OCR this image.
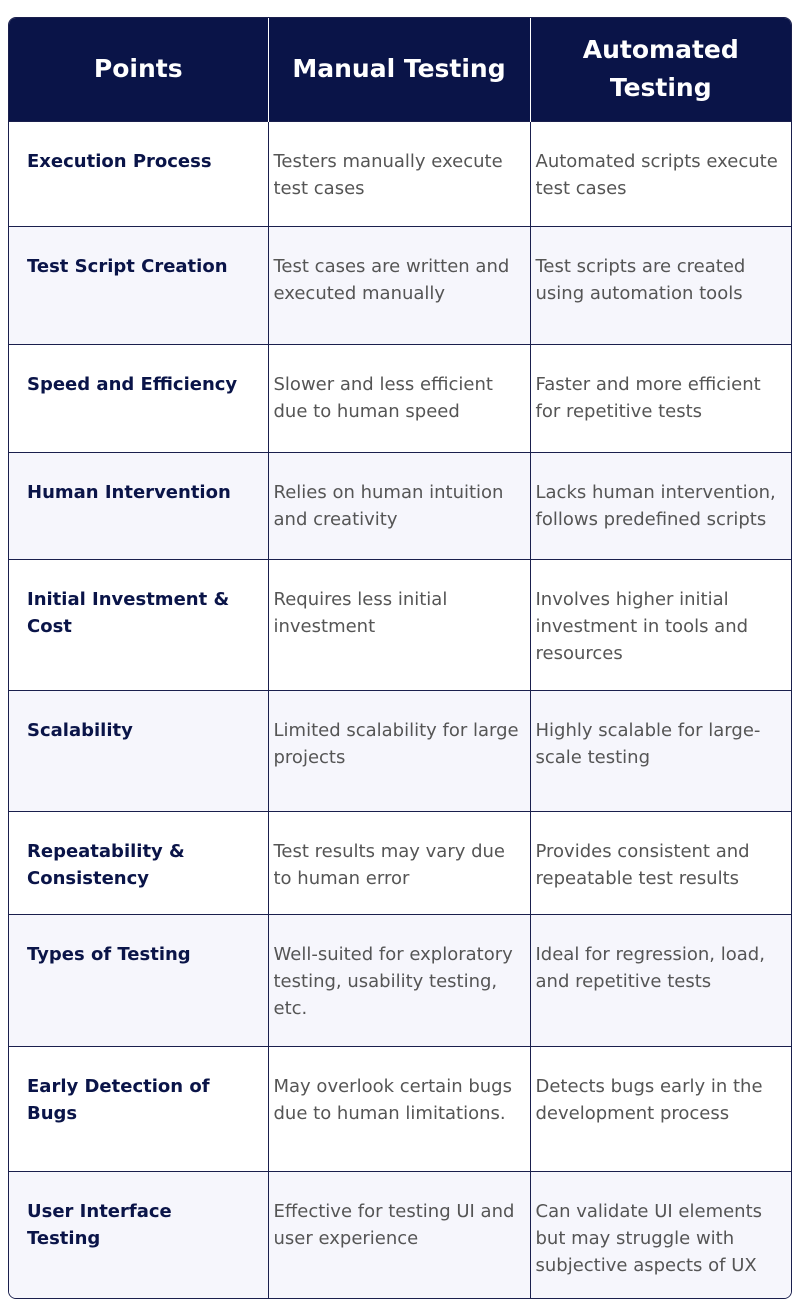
Points	Manual Testing	Automated Testing
Execution Process	Testers manually execute test cases	Automated scripts execute test cases
Test Script Creation	Test cases are written and executed manually	Test scripts are created using automation tools
Speed and Efficiency	Slower and less efficient due to human speed	Faster and more efficient for repetitive tests
Human Intervention	Relies on human intuition and creativity	Lacks human intervention, follows predefined scripts
Initial Investment & Cost	Requires less initial investment	Involves higher initial investment in tools and resources
Scalability	Limited scalability for large projects	Highly scalable for large-scale testing
Repeatability & Consistency	Test results may vary due to human error	Provides consistent and repeatable test results
Types of Testing	Well-suited for exploratory testing, usability testing, etc.	Ideal for regression, load, and repetitive tests
Early Detection of Bugs	May overlook certain bugs due to human limitations.	Detects bugs early in the development process
User Interface Testing	Effective for testing UI and user experience	Can validate UI elements but may struggle with subjective aspects of UX
